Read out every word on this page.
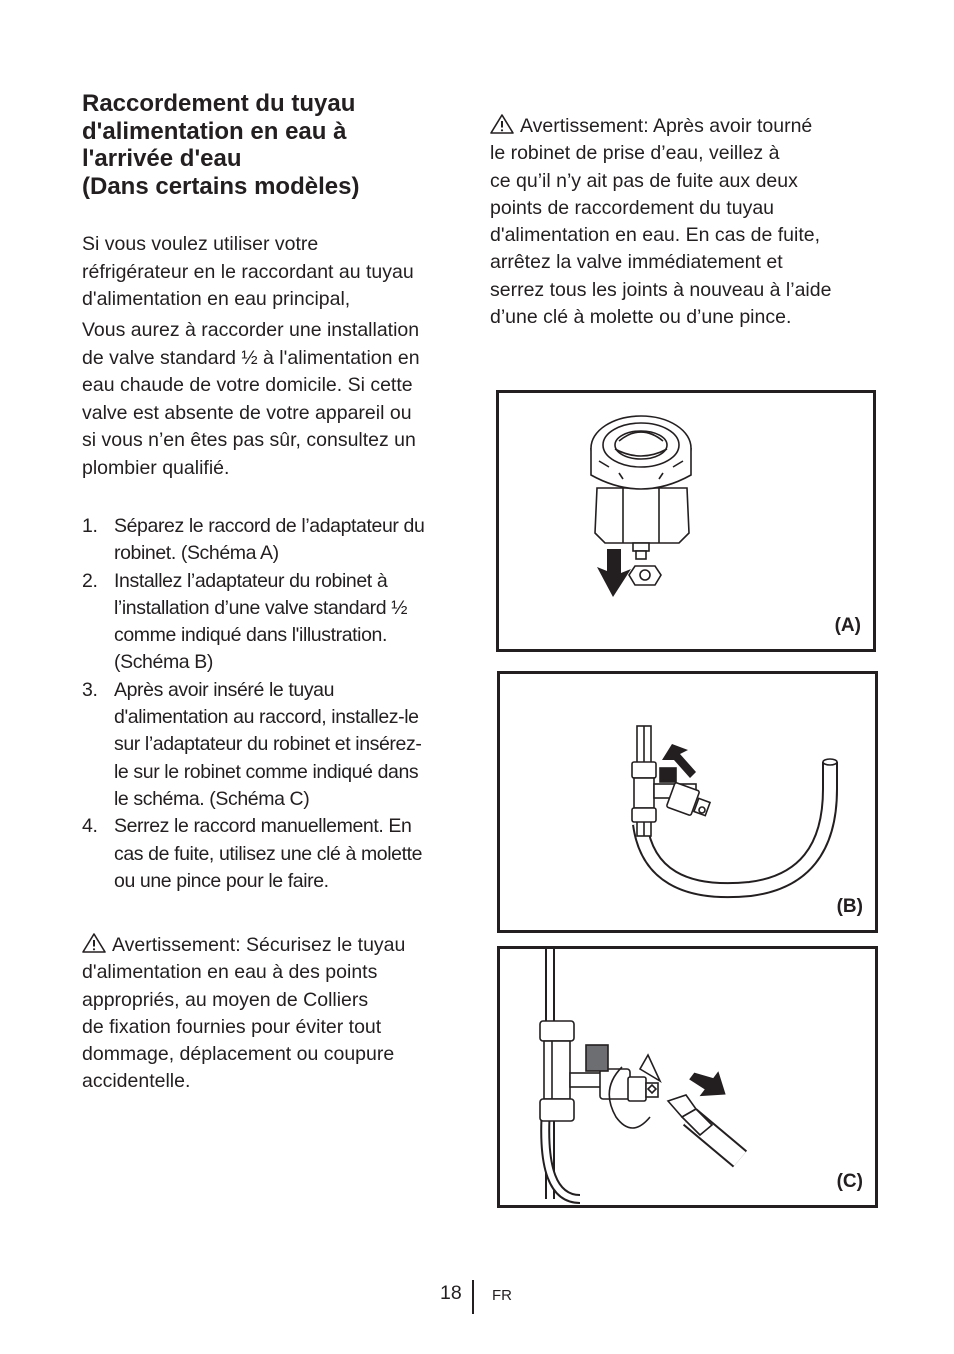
Raccordement du tuyau
d'alimentation en eau à
l'arrivée d'eau
(Dans certains modèles)

Si vous voulez utiliser votre
réfrigérateur en le raccordant au tuyau
d'alimentation en eau principal,

Vous aurez à raccorder une installation
de valve standard ½ à l'alimentation en
eau chaude de votre domicile. Si cette
valve est absente de votre appareil ou
si vous n’en êtes pas sûr, consultez un
plombier qualifié.

1. Séparez le raccord de l’adaptateur du
robinet. (Schéma A)
2. Installez l’adaptateur du robinet à
l’installation d’une valve standard ½
comme indiqué dans l'illustration.
(Schéma B)
3. Après avoir inséré le tuyau
d'alimentation au raccord, installez-le
sur l’adaptateur du robinet et insérez-
le sur le robinet comme indiqué dans
le schéma. (Schéma C)
4. Serrez le raccord manuellement. En
cas de fuite, utilisez une clé à molette
ou une pince pour le faire.
Avertissement: Sécurisez le tuyau
d'alimentation en eau à des points
appropriés, au moyen de Colliers
de fixation fournies pour éviter tout
dommage, déplacement ou coupure
accidentelle.
Avertissement: Après avoir tourné
le robinet de prise d’eau, veillez à
ce qu’il n’y ait pas de fuite aux deux
points de raccordement du tuyau
d'alimentation en eau. En cas de fuite,
arrêtez la valve immédiatement et
serrez tous les joints à nouveau à l’aide
d’une clé à molette ou d’une pince.
(A)
(B)
(C)
18 FR
